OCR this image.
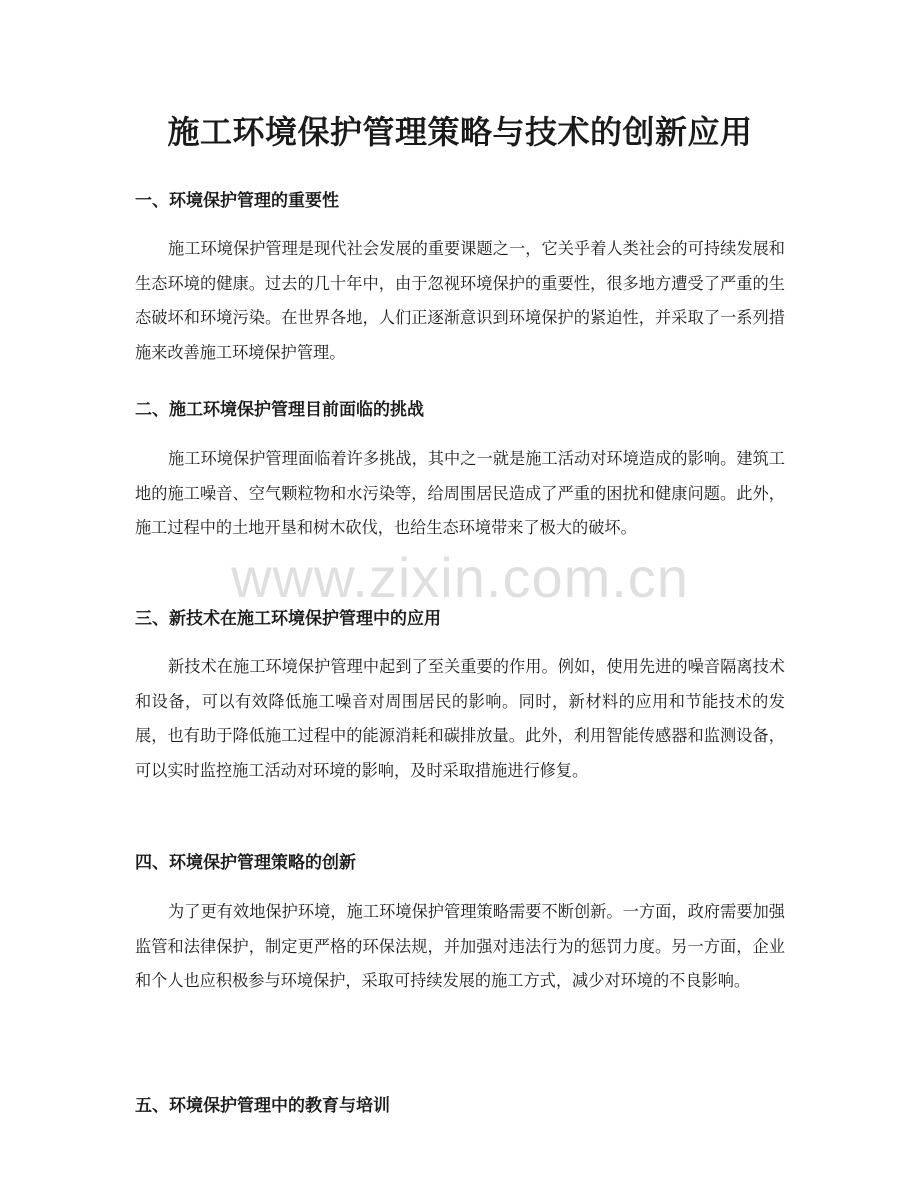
施工环境保护管理策略与技术的创新应用
一、环境保护管理的重要性

施工环境保护管理是现代社会发展的重要课题之一，它关乎着人类社会的可持续发展和生态环境的健康。过去的几十年中，由于忽视环境保护的重要性，很多地方遭受了严重的生态破坏和环境污染。在世界各地，人们正逐渐意识到环境保护的紧迫性，并采取了一系列措施来改善施工环境保护管理。

二、施工环境保护管理目前面临的挑战

施工环境保护管理面临着许多挑战，其中之一就是施工活动对环境造成的影响。建筑工地的施工噪音、空气颗粒物和水污染等，给周围居民造成了严重的困扰和健康问题。此外，施工过程中的土地开垦和树木砍伐，也给生态环境带来了极大的破坏。

三、新技术在施工环境保护管理中的应用

新技术在施工环境保护管理中起到了至关重要的作用。例如，使用先进的噪音隔离技术和设备，可以有效降低施工噪音对周围居民的影响。同时，新材料的应用和节能技术的发展，也有助于降低施工过程中的能源消耗和碳排放量。此外，利用智能传感器和监测设备，可以实时监控施工活动对环境的影响，及时采取措施进行修复。

四、环境保护管理策略的创新

为了更有效地保护环境，施工环境保护管理策略需要不断创新。一方面，政府需要加强监管和法律保护，制定更严格的环保法规，并加强对违法行为的惩罚力度。另一方面，企业和个人也应积极参与环境保护，采取可持续发展的施工方式，减少对环境的不良影响。

五、环境保护管理中的教育与培训
www.zixin.com.cn
